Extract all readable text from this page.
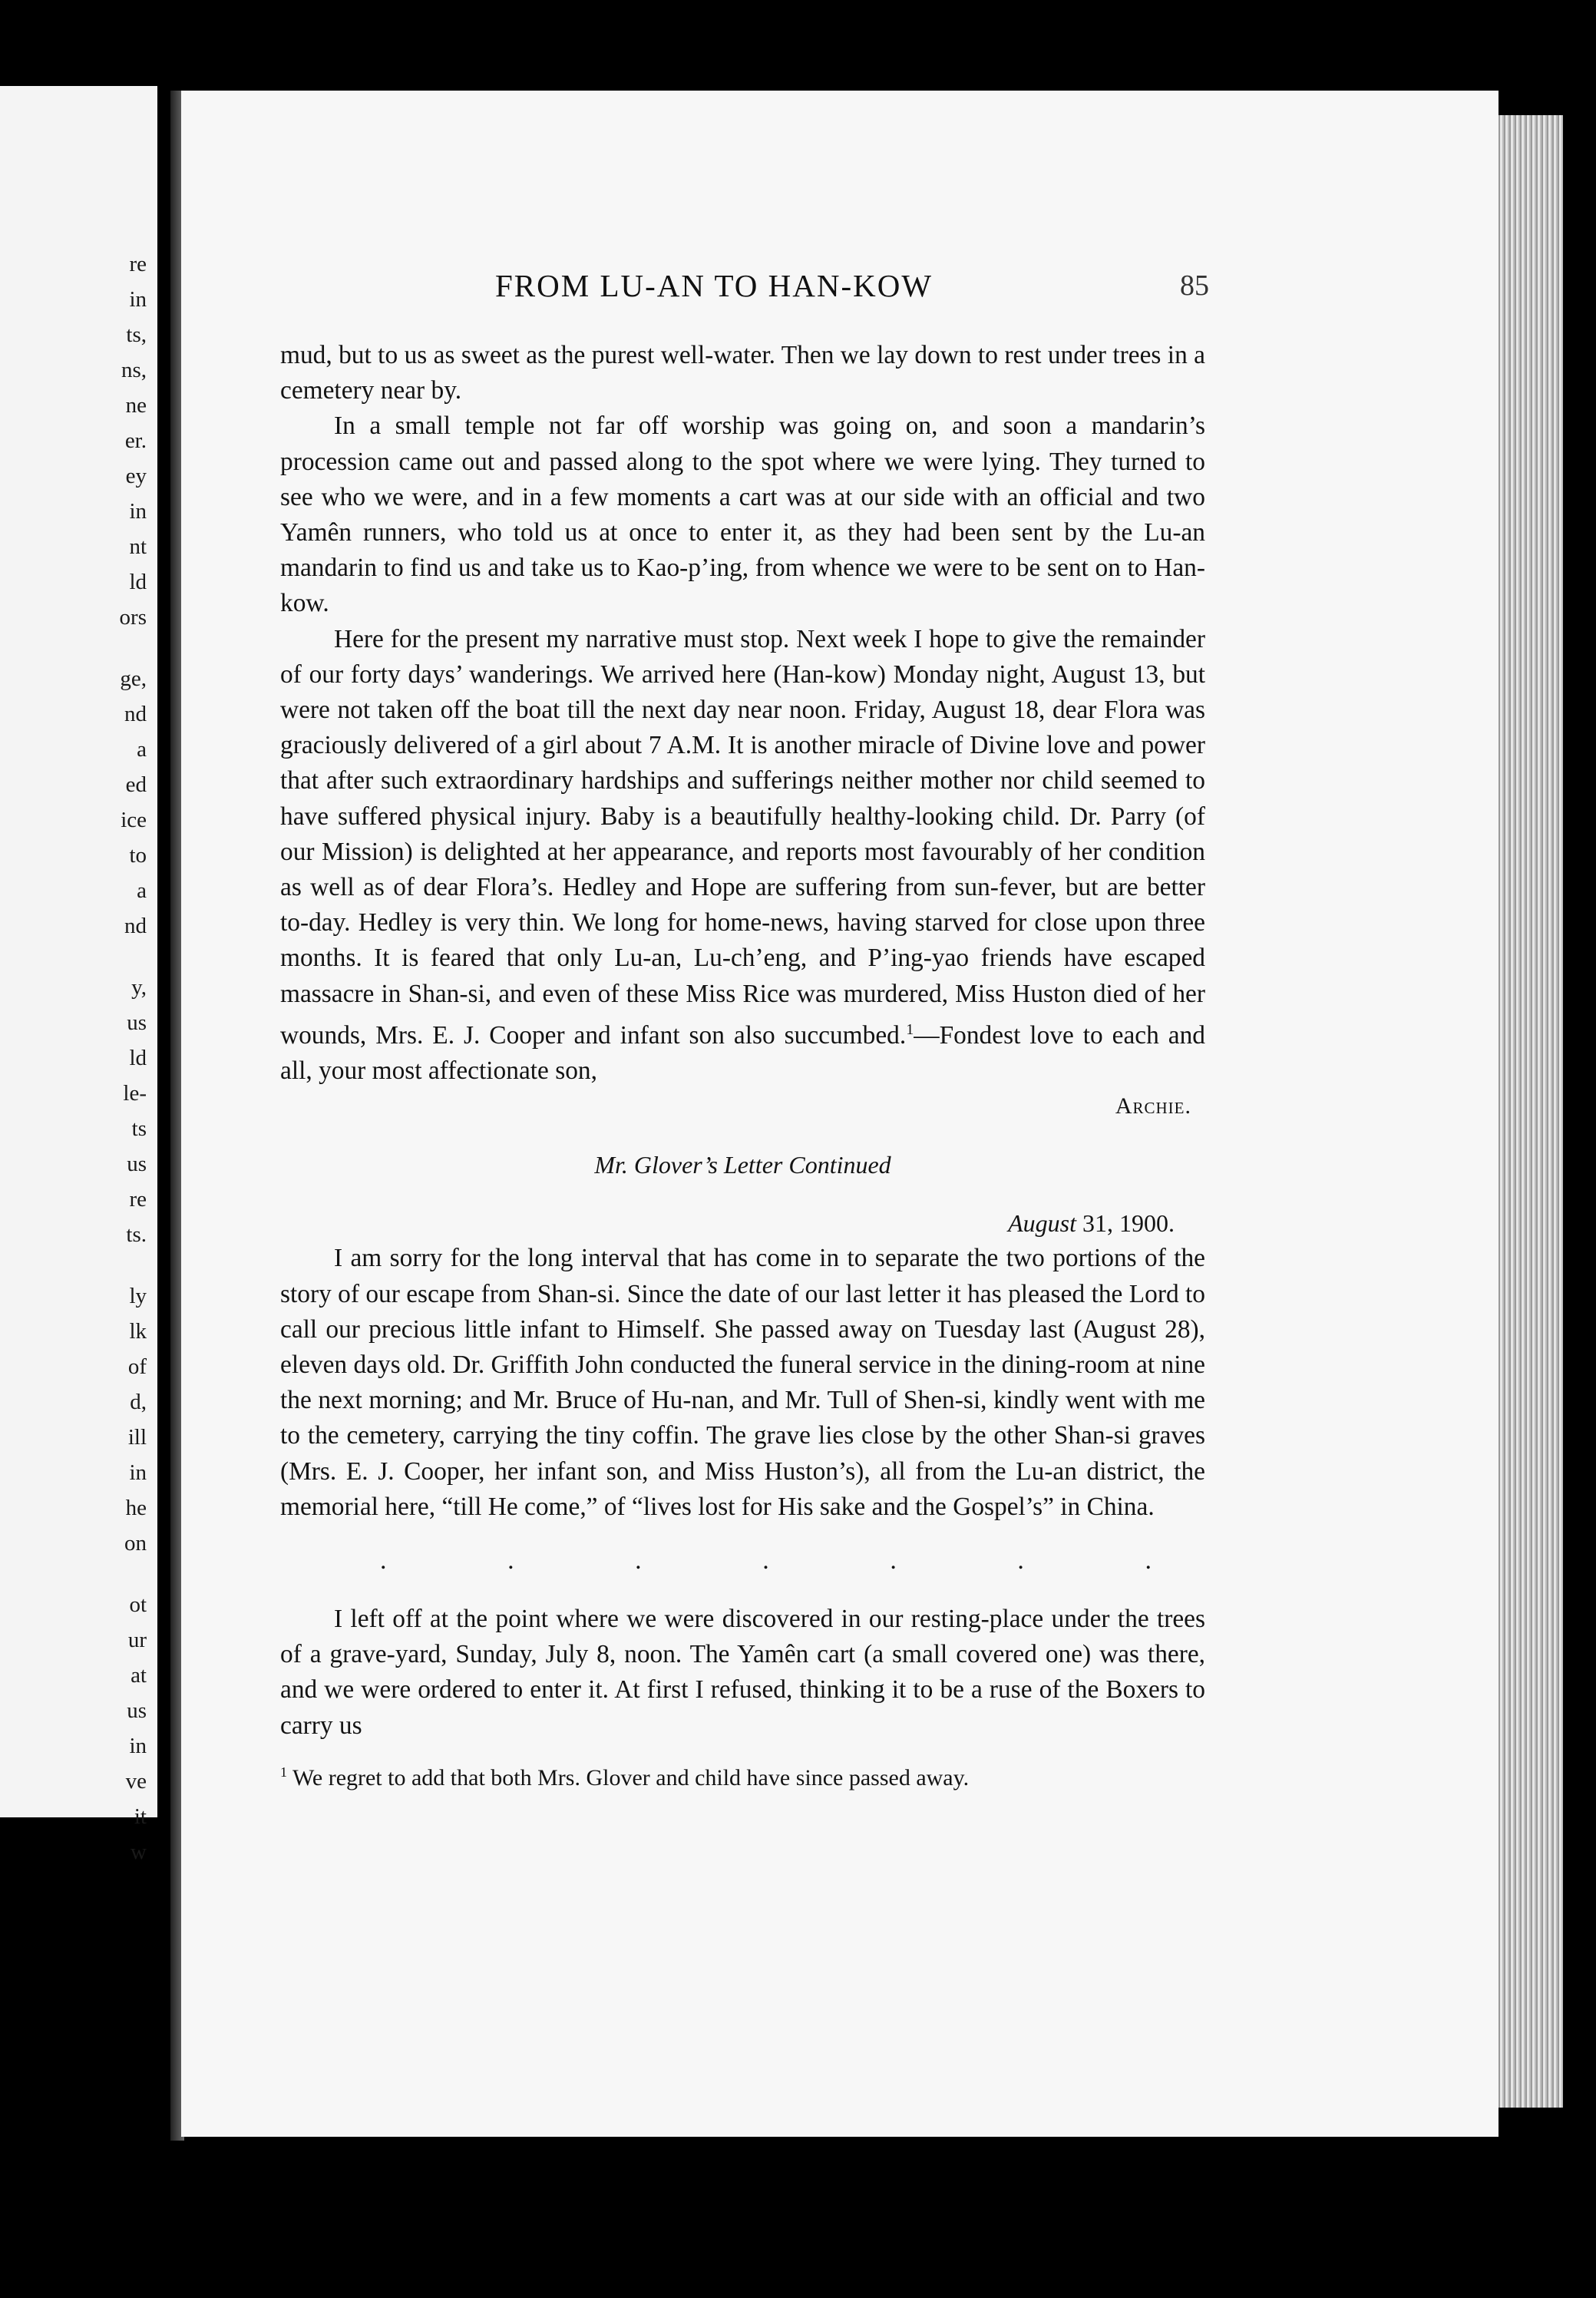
re
in
ts,
ns,
ne
er.
ey
in
nt
ld
ors
ge,
nd
a
ed
ice
to
a
nd
y,
us
ld
le-
ts
us
re
ts.
ly
lk
of
d,
ill
in
he
on
ot
ur
at
us
in
ve
it
w
FROM LU-AN TO HAN-KOW	85

mud, but to us as sweet as the purest well-water. Then we lay down to rest under trees in a cemetery near by.

In a small temple not far off worship was going on, and soon a mandarin’s procession came out and passed along to the spot where we were lying. They turned to see who we were, and in a few moments a cart was at our side with an official and two Yamên runners, who told us at once to enter it, as they had been sent by the Lu-an mandarin to find us and take us to Kao-p’ing, from whence we were to be sent on to Han-kow.

Here for the present my narrative must stop. Next week I hope to give the remainder of our forty days’ wanderings. We arrived here (Han-kow) Monday night, August 13, but were not taken off the boat till the next day near noon. Friday, August 18, dear Flora was graciously delivered of a girl about 7 A.M. It is another miracle of Divine love and power that after such extraordinary hardships and sufferings neither mother nor child seemed to have suffered physical injury. Baby is a beautifully healthy-looking child. Dr. Parry (of our Mission) is delighted at her appearance, and reports most favourably of her condition as well as of dear Flora’s. Hedley and Hope are suffering from sun-fever, but are better to-day. Hedley is very thin. We long for home-news, having starved for close upon three months. It is feared that only Lu-an, Lu-ch’eng, and P’ing-yao friends have escaped massacre in Shan-si, and even of these Miss Rice was murdered, Miss Huston died of her wounds, Mrs. E. J. Cooper and infant son also succumbed.$^1$—Fondest love to each and all, your most affectionate son,

Archie.
Mr. Glover’s Letter Continued
August 31, 1900.

I am sorry for the long interval that has come in to separate the two portions of the story of our escape from Shan-si. Since the date of our last letter it has pleased the Lord to call our precious little infant to Himself. She passed away on Tuesday last (August 28), eleven days old. Dr. Griffith John conducted the funeral service in the dining-room at nine the next morning; and Mr. Bruce of Hu-nan, and Mr. Tull of Shen-si, kindly went with me to the cemetery, carrying the tiny coffin. The grave lies close by the other Shan-si graves (Mrs. E. J. Cooper, her infant son, and Miss Huston’s), all from the Lu-an district, the memorial here, “till He come,” of “lives lost for His sake and the Gospel’s” in China.

.	.	.	.	.	.	.

I left off at the point where we were discovered in our resting-place under the trees of a grave-yard, Sunday, July 8, noon. The Yamên cart (a small covered one) was there, and we were ordered to enter it. At first I refused, thinking it to be a ruse of the Boxers to carry us

$^1$ We regret to add that both Mrs. Glover and child have since passed away.
